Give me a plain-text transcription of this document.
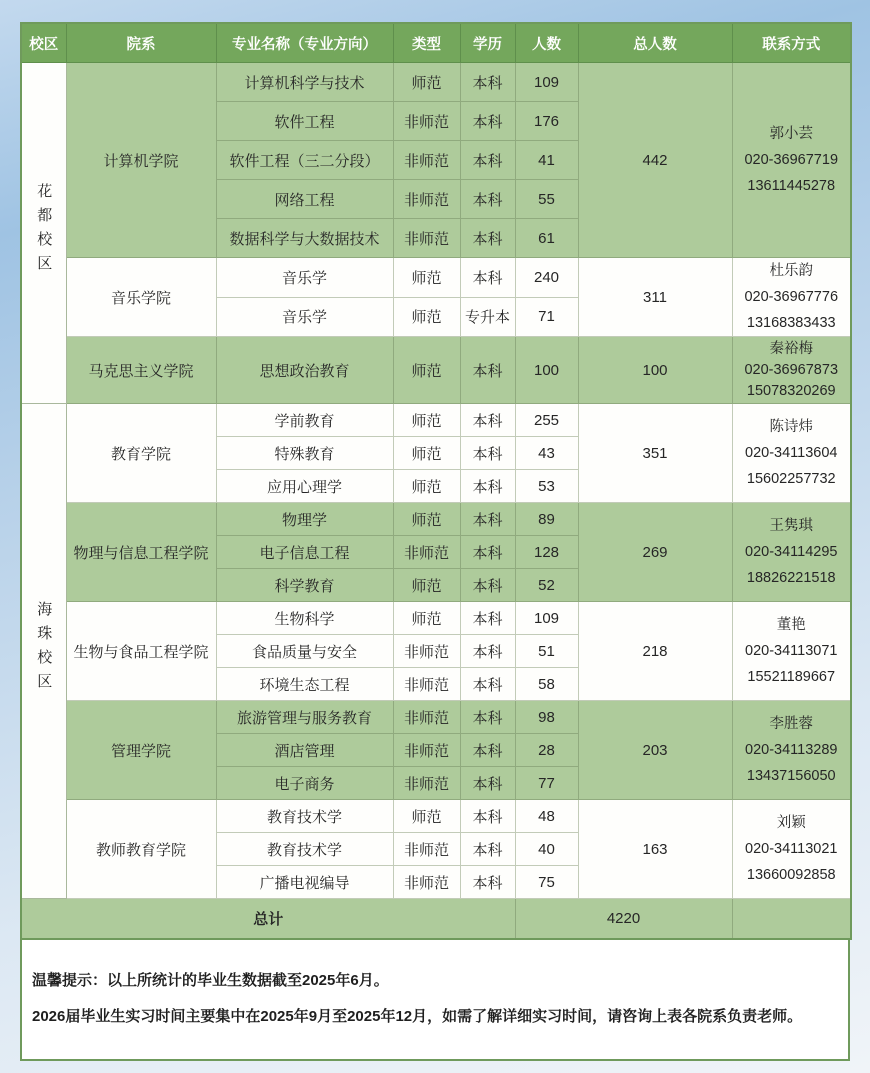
校区	院系	专业名称（专业方向）	类型	学历	人数	总人数	联系方式
花都校区	计算机学院	计算机科学与技术	师范	本科	109	442	郭小芸
020-36967719
13611445278

		软件工程	非师范	本科	176		
		软件工程（三二分段）	非师范	本科	41		
		网络工程	非师范	本科	55		
		数据科学与大数据技术	非师范	本科	61		
	音乐学院	音乐学	师范	本科	240	311	杜乐韵
020-36967776
13168383433

		音乐学	师范	专升本	71		
	马克思主义学院	思想政治教育	师范	本科	100	100	秦裕梅
020-36967873
15078320269

海珠校区	教育学院	学前教育	师范	本科	255	351	陈诗炜
020-34113604
15602257732

		特殊教育	师范	本科	43		
		应用心理学	师范	本科	53		
	物理与信息工程学院	物理学	师范	本科	89	269	王隽琪
020-34114295
18826221518

		电子信息工程	非师范	本科	128		
		科学教育	师范	本科	52		
	生物与食品工程学院	生物科学	师范	本科	109	218	董艳
020-34113071
15521189667

		食品质量与安全	非师范	本科	51		
		环境生态工程	非师范	本科	58		
	管理学院	旅游管理与服务教育	非师范	本科	98	203	李胜蓉
020-34113289
13437156050

		酒店管理	非师范	本科	28		
		电子商务	非师范	本科	77		
	教师教育学院	教育技术学	师范	本科	48	163	刘颖
020-34113021
13660092858

		教育技术学	非师范	本科	40		
		广播电视编导	非师范	本科	75		
总计					4220		

温馨提示：以上所统计的毕业生数据截至2025年6月。

2026届毕业生实习时间主要集中在2025年9月至2025年12月，如需了解详细实习时间，请咨询上表各院系负责老师。
